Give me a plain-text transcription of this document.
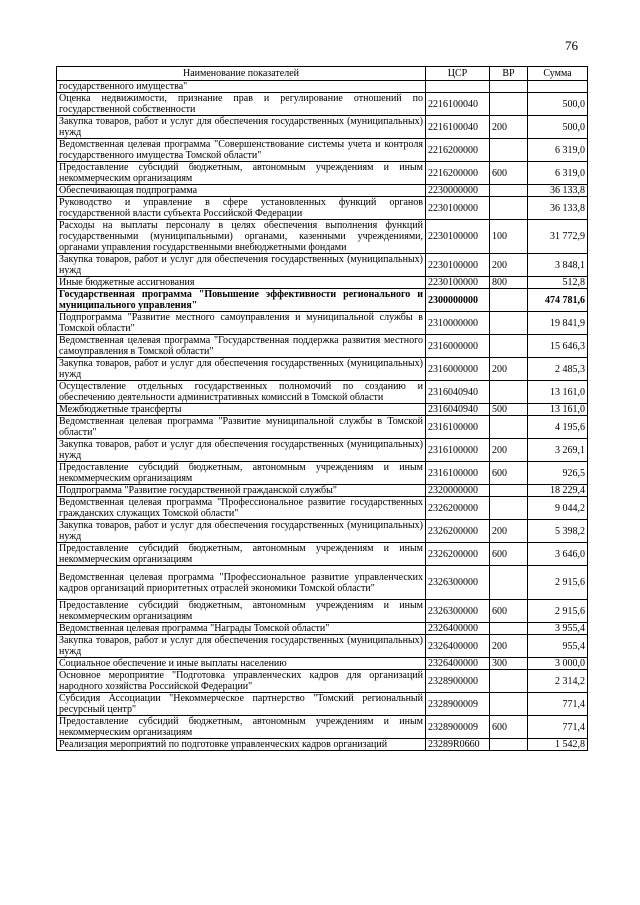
76
Наименование показателей	ЦСР	ВР	Сумма
государственного имущества"			
Оценка недвижимости, признание прав и регулирование отношений по государственной собственности	2216100040		500,0
Закупка товаров, работ и услуг для обеспечения государственных (муниципальных) нужд	2216100040	200	500,0
Ведомственная целевая программа "Совершенствование системы учета и контроля государственного имущества Томской области"	2216200000		6 319,0
Предоставление субсидий бюджетным, автономным учреждениям и иным некоммерческим организациям	2216200000	600	6 319,0
Обеспечивающая подпрограмма	2230000000		36 133,8
Руководство и управление в сфере установленных функций органов государственной власти субъекта Российской Федерации	2230100000		36 133,8
Расходы на выплаты персоналу в целях обеспечения выполнения функций государственными (муниципальными) органами, казенными учреждениями, органами управления государственными внебюджетными фондами	2230100000	100	31 772,9
Закупка товаров, работ и услуг для обеспечения государственных (муниципальных) нужд	2230100000	200	3 848,1
Иные бюджетные ассигнования	2230100000	800	512,8
Государственная программа "Повышение эффективности регионального и муниципального управления"	2300000000		474 781,6
Подпрограмма "Развитие местного самоуправления и муниципальной службы в Томской области"	2310000000		19 841,9
Ведомственная целевая программа "Государственная поддержка развития местного самоуправления в Томской области"	2316000000		15 646,3
Закупка товаров, работ и услуг для обеспечения государственных (муниципальных) нужд	2316000000	200	2 485,3
Осуществление отдельных государственных полномочий по созданию и обеспечению деятельности административных комиссий в Томской области	2316040940		13 161,0
Межбюджетные трансферты	2316040940	500	13 161,0
Ведомственная целевая программа "Развитие муниципальной службы в Томской области"	2316100000		4 195,6
Закупка товаров, работ и услуг для обеспечения государственных (муниципальных) нужд	2316100000	200	3 269,1
Предоставление субсидий бюджетным, автономным учреждениям и иным некоммерческим организациям	2316100000	600	926,5
Подпрограмма "Развитие государственной гражданской службы"	2320000000		18 229,4
Ведомственная целевая программа "Профессиональное развитие государственных гражданских служащих Томской области"	2326200000		9 044,2
Закупка товаров, работ и услуг для обеспечения государственных (муниципальных) нужд	2326200000	200	5 398,2
Предоставление субсидий бюджетным, автономным учреждениям и иным некоммерческим организациям	2326200000	600	3 646,0
Ведомственная целевая программа "Профессиональное развитие управленческих кадров организаций приоритетных отраслей экономики Томской области"	2326300000		2 915,6
Предоставление субсидий бюджетным, автономным учреждениям и иным некоммерческим организациям	2326300000	600	2 915,6
Ведомственная целевая программа "Награды Томской области"	2326400000		3 955,4
Закупка товаров, работ и услуг для обеспечения государственных (муниципальных) нужд	2326400000	200	955,4
Социальное обеспечение и иные выплаты населению	2326400000	300	3 000,0
Основное мероприятие "Подготовка управленческих кадров для организаций народного хозяйства Российской Федерации"	2328900000		2 314,2
Субсидия Ассоциации "Некоммерческое партнерство "Томский региональный ресурсный центр"	2328900009		771,4
Предоставление субсидий бюджетным, автономным учреждениям и иным некоммерческим организациям	2328900009	600	771,4
Реализация мероприятий по подготовке управленческих кадров организаций	23289R0660		1 542,8
